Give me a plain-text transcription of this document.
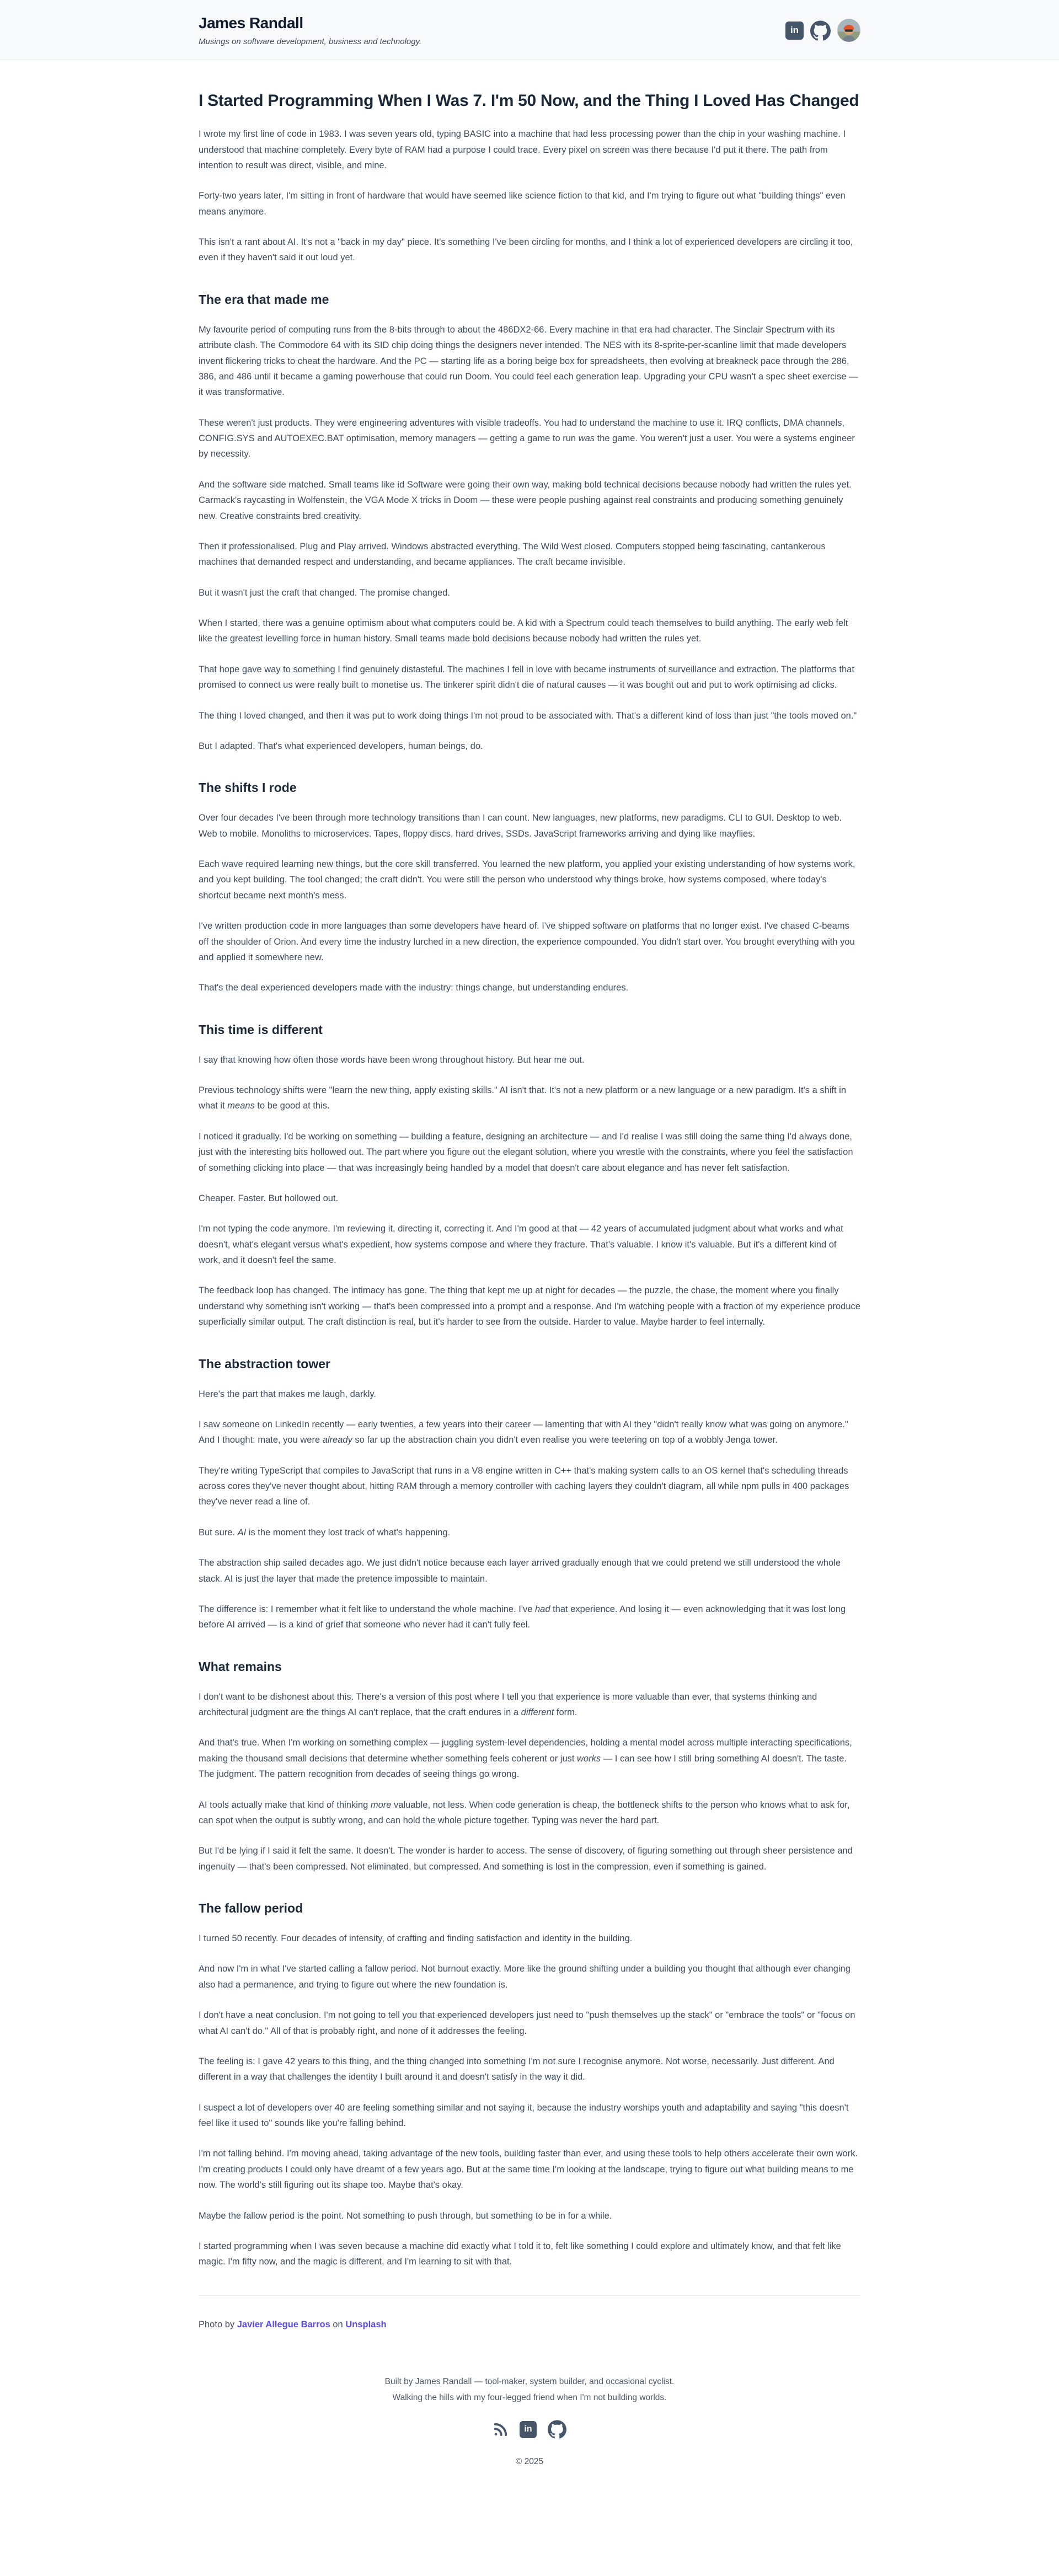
James Randall

Musings on software development, business and technology.

in
I Started Programming When I Was 7. I'm 50 Now, and the Thing I Loved Has Changed

I wrote my first line of code in 1983. I was seven years old, typing BASIC into a machine that had less processing power than the chip in your washing machine. I understood that machine completely. Every byte of RAM had a purpose I could trace. Every pixel on screen was there because I'd put it there. The path from intention to result was direct, visible, and mine.

Forty-two years later, I'm sitting in front of hardware that would have seemed like science fiction to that kid, and I'm trying to figure out what "building things" even means anymore.

This isn't a rant about AI. It's not a "back in my day" piece. It's something I've been circling for months, and I think a lot of experienced developers are circling it too, even if they haven't said it out loud yet.

The era that made me

My favourite period of computing runs from the 8-bits through to about the 486DX2-66. Every machine in that era had character. The Sinclair Spectrum with its attribute clash. The Commodore 64 with its SID chip doing things the designers never intended. The NES with its 8-sprite-per-scanline limit that made developers invent flickering tricks to cheat the hardware. And the PC — starting life as a boring beige box for spreadsheets, then evolving at breakneck pace through the 286, 386, and 486 until it became a gaming powerhouse that could run Doom. You could feel each generation leap. Upgrading your CPU wasn't a spec sheet exercise — it was transformative.

These weren't just products. They were engineering adventures with visible tradeoffs. You had to understand the machine to use it. IRQ conflicts, DMA channels, CONFIG.SYS and AUTOEXEC.BAT optimisation, memory managers — getting a game to run was the game. You weren't just a user. You were a systems engineer by necessity.

And the software side matched. Small teams like id Software were going their own way, making bold technical decisions because nobody had written the rules yet. Carmack's raycasting in Wolfenstein, the VGA Mode X tricks in Doom — these were people pushing against real constraints and producing something genuinely new. Creative constraints bred creativity.

Then it professionalised. Plug and Play arrived. Windows abstracted everything. The Wild West closed. Computers stopped being fascinating, cantankerous machines that demanded respect and understanding, and became appliances. The craft became invisible.

But it wasn't just the craft that changed. The promise changed.

When I started, there was a genuine optimism about what computers could be. A kid with a Spectrum could teach themselves to build anything. The early web felt like the greatest levelling force in human history. Small teams made bold decisions because nobody had written the rules yet.

That hope gave way to something I find genuinely distasteful. The machines I fell in love with became instruments of surveillance and extraction. The platforms that promised to connect us were really built to monetise us. The tinkerer spirit didn't die of natural causes — it was bought out and put to work optimising ad clicks.

The thing I loved changed, and then it was put to work doing things I'm not proud to be associated with. That's a different kind of loss than just "the tools moved on."

But I adapted. That's what experienced developers, human beings, do.

The shifts I rode

Over four decades I've been through more technology transitions than I can count. New languages, new platforms, new paradigms. CLI to GUI. Desktop to web. Web to mobile. Monoliths to microservices. Tapes, floppy discs, hard drives, SSDs. JavaScript frameworks arriving and dying like mayflies.

Each wave required learning new things, but the core skill transferred. You learned the new platform, you applied your existing understanding of how systems work, and you kept building. The tool changed; the craft didn't. You were still the person who understood why things broke, how systems composed, where today's shortcut became next month's mess.

I've written production code in more languages than some developers have heard of. I've shipped software on platforms that no longer exist. I've chased C-beams off the shoulder of Orion. And every time the industry lurched in a new direction, the experience compounded. You didn't start over. You brought everything with you and applied it somewhere new.

That's the deal experienced developers made with the industry: things change, but understanding endures.

This time is different

I say that knowing how often those words have been wrong throughout history. But hear me out.

Previous technology shifts were "learn the new thing, apply existing skills." AI isn't that. It's not a new platform or a new language or a new paradigm. It's a shift in what it means to be good at this.

I noticed it gradually. I'd be working on something — building a feature, designing an architecture — and I'd realise I was still doing the same thing I'd always done, just with the interesting bits hollowed out. The part where you figure out the elegant solution, where you wrestle with the constraints, where you feel the satisfaction of something clicking into place — that was increasingly being handled by a model that doesn't care about elegance and has never felt satisfaction.

Cheaper. Faster. But hollowed out.

I'm not typing the code anymore. I'm reviewing it, directing it, correcting it. And I'm good at that — 42 years of accumulated judgment about what works and what doesn't, what's elegant versus what's expedient, how systems compose and where they fracture. That's valuable. I know it's valuable. But it's a different kind of work, and it doesn't feel the same.

The feedback loop has changed. The intimacy has gone. The thing that kept me up at night for decades — the puzzle, the chase, the moment where you finally understand why something isn't working — that's been compressed into a prompt and a response. And I'm watching people with a fraction of my experience produce superficially similar output. The craft distinction is real, but it's harder to see from the outside. Harder to value. Maybe harder to feel internally.

The abstraction tower

Here's the part that makes me laugh, darkly.

I saw someone on LinkedIn recently — early twenties, a few years into their career — lamenting that with AI they "didn't really know what was going on anymore." And I thought: mate, you were already so far up the abstraction chain you didn't even realise you were teetering on top of a wobbly Jenga tower.

They're writing TypeScript that compiles to JavaScript that runs in a V8 engine written in C++ that's making system calls to an OS kernel that's scheduling threads across cores they've never thought about, hitting RAM through a memory controller with caching layers they couldn't diagram, all while npm pulls in 400 packages they've never read a line of.

But sure. AI is the moment they lost track of what's happening.

The abstraction ship sailed decades ago. We just didn't notice because each layer arrived gradually enough that we could pretend we still understood the whole stack. AI is just the layer that made the pretence impossible to maintain.

The difference is: I remember what it felt like to understand the whole machine. I've had that experience. And losing it — even acknowledging that it was lost long before AI arrived — is a kind of grief that someone who never had it can't fully feel.

What remains

I don't want to be dishonest about this. There's a version of this post where I tell you that experience is more valuable than ever, that systems thinking and architectural judgment are the things AI can't replace, that the craft endures in a different form.

And that's true. When I'm working on something complex — juggling system-level dependencies, holding a mental model across multiple interacting specifications, making the thousand small decisions that determine whether something feels coherent or just works — I can see how I still bring something AI doesn't. The taste. The judgment. The pattern recognition from decades of seeing things go wrong.

AI tools actually make that kind of thinking more valuable, not less. When code generation is cheap, the bottleneck shifts to the person who knows what to ask for, can spot when the output is subtly wrong, and can hold the whole picture together. Typing was never the hard part.

But I'd be lying if I said it felt the same. It doesn't. The wonder is harder to access. The sense of discovery, of figuring something out through sheer persistence and ingenuity — that's been compressed. Not eliminated, but compressed. And something is lost in the compression, even if something is gained.

The fallow period

I turned 50 recently. Four decades of intensity, of crafting and finding satisfaction and identity in the building.

And now I'm in what I've started calling a fallow period. Not burnout exactly. More like the ground shifting under a building you thought that although ever changing also had a permanence, and trying to figure out where the new foundation is.

I don't have a neat conclusion. I'm not going to tell you that experienced developers just need to "push themselves up the stack" or "embrace the tools" or "focus on what AI can't do." All of that is probably right, and none of it addresses the feeling.

The feeling is: I gave 42 years to this thing, and the thing changed into something I'm not sure I recognise anymore. Not worse, necessarily. Just different. And different in a way that challenges the identity I built around it and doesn't satisfy in the way it did.

I suspect a lot of developers over 40 are feeling something similar and not saying it, because the industry worships youth and adaptability and saying "this doesn't feel like it used to" sounds like you're falling behind.

I'm not falling behind. I'm moving ahead, taking advantage of the new tools, building faster than ever, and using these tools to help others accelerate their own work. I'm creating products I could only have dreamt of a few years ago. But at the same time I'm looking at the landscape, trying to figure out what building means to me now. The world's still figuring out its shape too. Maybe that's okay.

Maybe the fallow period is the point. Not something to push through, but something to be in for a while.

I started programming when I was seven because a machine did exactly what I told it to, felt like something I could explore and ultimately know, and that felt like magic. I'm fifty now, and the magic is different, and I'm learning to sit with that.

Photo by Javier Allegue Barros on Unsplash

Built by James Randall — tool-maker, system builder, and occasional cyclist.

Walking the hills with my four-legged friend when I'm not building worlds.

in

© 2025
